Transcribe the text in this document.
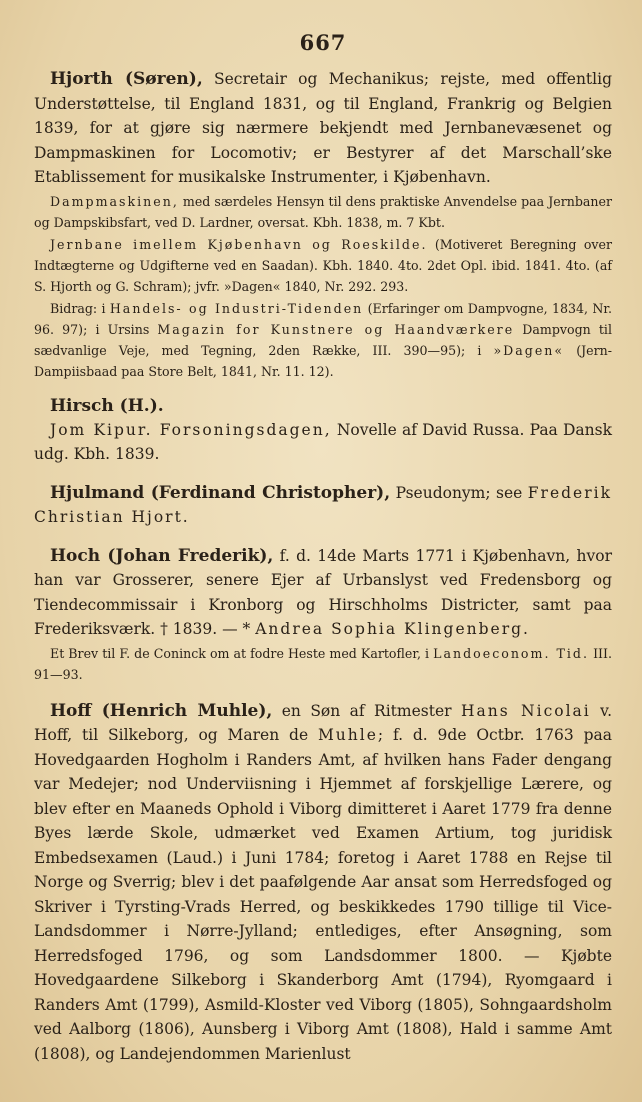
667

Hjorth (Søren), Secretair og Mechanikus; rejste, med offentlig Understøttelse, til England 1831, og til England, Frankrig og Belgien 1839, for at gjøre sig nærmere bekjendt med Jernbanevæsenet og Dampmaskinen for Locomotiv; er Bestyrer af det Marschall’ske Etablissement for musikalske Instrumenter, i Kjøbenhavn.

Dampmaskinen, med særdeles Hensyn til dens praktiske Anvendelse paa Jernbaner og Dampskibsfart, ved D. Lardner, oversat. Kbh. 1838, m. 7 Kbt.

Jernbane imellem Kjøbenhavn og Roeskilde. (Motiveret Beregning over Indtægterne og Udgifterne ved en Saadan). Kbh. 1840. 4to. 2det Opl. ibid. 1841. 4to. (af S. Hjorth og G. Schram); jvfr. »Dagen« 1840, Nr. 292. 293.

Bidrag: i Handels- og Industri-Tidenden (Erfaringer om Dampvogne, 1834, Nr. 96. 97); i Ursins Magazin for Kunstnere og Haandværkere Dampvogn til sædvanlige Veje, med Tegning, 2den Række, III. 390—95); i »Dagen« (Jern-Dampiisbaad paa Store Belt, 1841, Nr. 11. 12).

Hirsch (H.).

Jom Kipur. Forsoningsdagen, Novelle af David Russa. Paa Dansk udg. Kbh. 1839.

Hjulmand (Ferdinand Christopher), Pseudonym; see Frederik Christian Hjort.

Hoch (Johan Frederik), f. d. 14de Marts 1771 i Kjøbenhavn, hvor han var Grosserer, senere Ejer af Urbanslyst ved Fredensborg og Tiendecommissair i Kronborg og Hirschholms Districter, samt paa Frederiksværk. † 1839. — * Andrea Sophia Klingenberg.

Et Brev til F. de Coninck om at fodre Heste med Kartofler, i Landoeconom. Tid. III. 91—93.

Hoff (Henrich Muhle), en Søn af Ritmester Hans Nicolai v. Hoff, til Silkeborg, og Maren de Muhle; f. d. 9de Octbr. 1763 paa Hovedgaarden Hogholm i Randers Amt, af hvilken hans Fader dengang var Medejer; nod Underviisning i Hjemmet af forskjellige Lærere, og blev efter en Maaneds Ophold i Viborg dimitteret i Aaret 1779 fra denne Byes lærde Skole, udmærket ved Examen Artium, tog juridisk Embedsexamen (Laud.) i Juni 1784; foretog i Aaret 1788 en Rejse til Norge og Sverrig; blev i det paafølgende Aar ansat som Herredsfoged og Skriver i Tyrsting-Vrads Herred, og beskikkedes 1790 tillige til Vice-Landsdommer i Nørre-Jylland; entlediges, efter Ansøgning, som Herredsfoged 1796, og som Landsdommer 1800. — Kjøbte Hovedgaardene Silkeborg i Skanderborg Amt (1794), Ryomgaard i Randers Amt (1799), Asmild-Kloster ved Viborg (1805), Sohngaardsholm ved Aalborg (1806), Aunsberg i Viborg Amt (1808), Hald i samme Amt (1808), og Landejendommen Marienlust
